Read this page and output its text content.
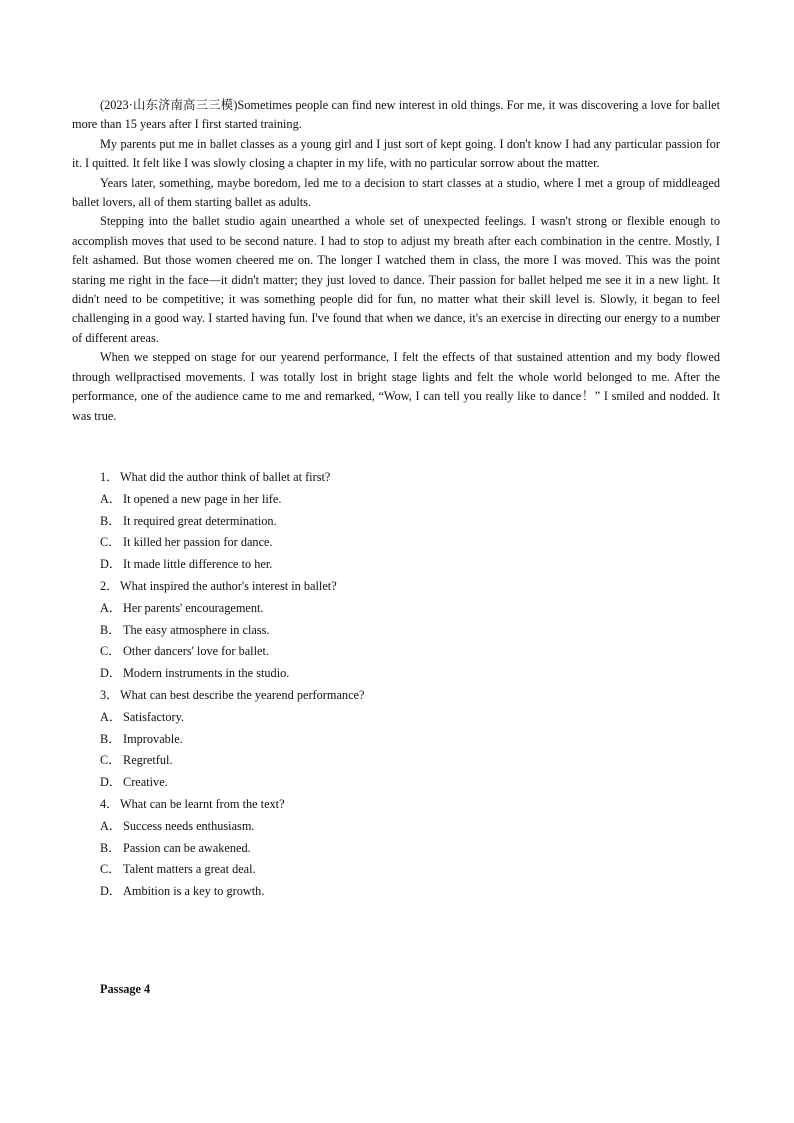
(2023·山东济南高三三模)Sometimes people can find new interest in old things. For me, it was discovering a love for ballet more than 15 years after I first started training.

My parents put me in ballet classes as a young girl and I just sort of kept going. I don't know I had any particular passion for it. I quitted. It felt like I was slowly closing a chapter in my life, with no particular sorrow about the matter.

Years later, something, maybe boredom, led me to a decision to start classes at a studio, where I met a group of middleaged ballet lovers, all of them starting ballet as adults.

Stepping into the ballet studio again unearthed a whole set of unexpected feelings. I wasn't strong or flexible enough to accomplish moves that used to be second nature. I had to stop to adjust my breath after each combination in the centre. Mostly, I felt ashamed. But those women cheered me on. The longer I watched them in class, the more I was moved. This was the point staring me right in the face—it didn't matter; they just loved to dance. Their passion for ballet helped me see it in a new light. It didn't need to be competitive; it was something people did for fun, no matter what their skill level is. Slowly, it began to feel challenging in a good way. I started having fun. I've found that when we dance, it's an exercise in directing our energy to a number of different areas.

When we stepped on stage for our yearend performance, I felt the effects of that sustained attention and my body flowed through wellpractised movements. I was totally lost in bright stage lights and felt the whole world belonged to me. After the performance, one of the audience came to me and remarked, “Wow, I can tell you really like to dance！” I smiled and nodded. It was true.

1． What did the author think of ballet at first?
A． It opened a new page in her life.
B． It required great determination.
C． It killed her passion for dance.
D． It made little difference to her.
2． What inspired the author's interest in ballet?
A． Her parents' encouragement.
B． The easy atmosphere in class.
C． Other dancers' love for ballet.
D． Modern instruments in the studio.
3． What can best describe the yearend performance?
A． Satisfactory.
B． Improvable.
C． Regretful.
D． Creative.
4． What can be learnt from the text?
A． Success needs enthusiasm.
B． Passion can be awakened.
C． Talent matters a great deal.
D． Ambition is a key to growth.
Passage 4
